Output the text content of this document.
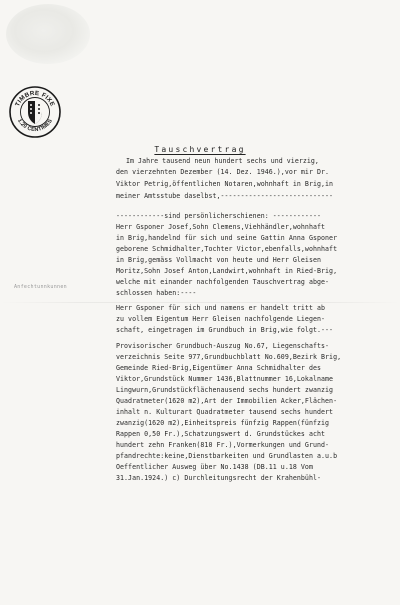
TIMBRE FIXE
1.20 CENTIMES
Tauschvertrag
Anfechtunnkunnen
Im Jahre tausend neun hundert sechs und vierzig,
den vierzehnten Dezember (14. Dez. 1946.),vor mir Dr.
Viktor Petrig,öffentlichen Notaren,wohnhaft in Brig,in
meiner Amtsstube daselbst,----------------------------
------------sind persönlicherschienen: ------------
Herr Gsponer Josef,Sohn Clemens,Viehhändler,wohnhaft
in Brig,handelnd für sich und seine Gattin Anna Gsponer
geborene Schmidhalter,Tochter Victor,ebenfalls,wohnhaft
in Brig,gemäss Vollmacht von heute und Herr Gleisen
Moritz,Sohn Josef Anton,Landwirt,wohnhaft in Ried-Brig,
welche mit einander nachfolgenden Tauschvertrag abge-
schlossen haben:----
Herr Gsponer für sich und namens er handelt tritt ab
zu vollem Eigentum Herr Gleisen nachfolgende Liegen-
schaft, eingetragen im Grundbuch in Brig,wie folgt.---
Provisorischer Grundbuch-Auszug No.67, Liegenschafts-
verzeichnis Seite 977,Grundbuchblatt No.609,Bezirk Brig,
Gemeinde Ried-Brig,Eigentümer Anna Schmidhalter des
Viktor,Grundstück Nummer 1436,Blattnummer 16,Lokalname
Lingwurn,Grundstückflächenausend sechs hundert zwanzig
Quadratmeter(1620 m2),Art der Immobilien Acker,Flächen-
inhalt n. Kulturart Quadratmeter tausend sechs hundert
zwanzig(1620 m2),Einheitspreis fünfzig Rappen(fünfzig
Rappen 0,50 Fr.),Schatzungswert d. Grundstückes acht
hundert zehn Franken(810 Fr.),Vormerkungen und Grund-
pfandrechte:keine,Dienstbarkeiten und Grundlasten a.u.b
Oeffentlicher Ausweg über No.1438 (DB.11 u.18 Vom
31.Jan.1924.) c) Durchleitungsrecht der Krahenbühl-
